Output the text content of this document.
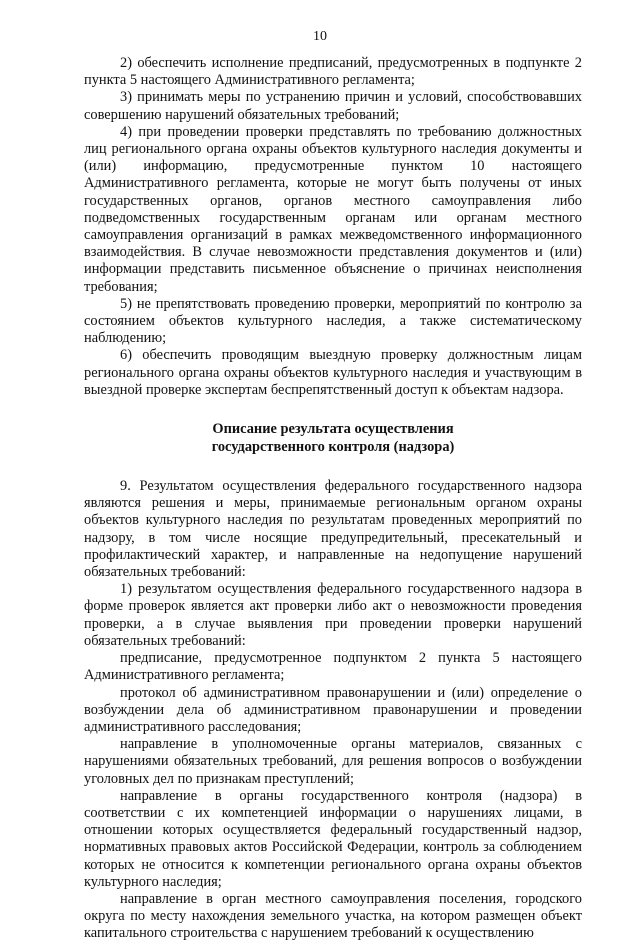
10

2) обеспечить исполнение предписаний, предусмотренных в подпункте 2 пункта 5 настоящего Административного регламента;

3) принимать меры по устранению причин и условий, способствовавших совершению нарушений обязательных требований;

4) при проведении проверки представлять по требованию должностных лиц регионального органа охраны объектов культурного наследия документы и (или) информацию, предусмотренные пунктом 10 настоящего Административного регламента, которые не могут быть получены от иных государственных органов, органов местного самоуправления либо подведомственных государственным органам или органам местного самоуправления организаций в рамках межведомственного информационного взаимодействия. В случае невозможности представления документов и (или) информации представить письменное объяснение о причинах неисполнения требования;

5) не препятствовать проведению проверки, мероприятий по контролю за состоянием объектов культурного наследия, а также систематическому наблюдению;

6) обеспечить проводящим выездную проверку должностным лицам регионального органа охраны объектов культурного наследия и участвующим в выездной проверке экспертам беспрепятственный доступ к объектам надзора.

Описание результата осуществления
государственного контроля (надзора)

9. Результатом осуществления федерального государственного надзора являются решения и меры, принимаемые региональным органом охраны объектов культурного наследия по результатам проведенных мероприятий по надзору, в том числе носящие предупредительный, пресекательный и профилактический характер, и направленные на недопущение нарушений обязательных требований:

1) результатом осуществления федерального государственного надзора в форме проверок является акт проверки либо акт о невозможности проведения проверки, а в случае выявления при проведении проверки нарушений обязательных требований:

предписание, предусмотренное подпунктом 2 пункта 5 настоящего Административного регламента;

протокол об административном правонарушении и (или) определение о возбуждении дела об административном правонарушении и проведении административного расследования;

направление в уполномоченные органы материалов, связанных с нарушениями обязательных требований, для решения вопросов о возбуждении уголовных дел по признакам преступлений;

направление в органы государственного контроля (надзора) в соответствии с их компетенцией информации о нарушениях лицами, в отношении которых осуществляется федеральный государственный надзор, нормативных правовых актов Российской Федерации, контроль за соблюдением которых не относится к компетенции регионального органа охраны объектов культурного наследия;

направление в орган местного самоуправления поселения, городского округа по месту нахождения земельного участка, на котором размещен объект капитального строительства с нарушением требований к осуществлению
